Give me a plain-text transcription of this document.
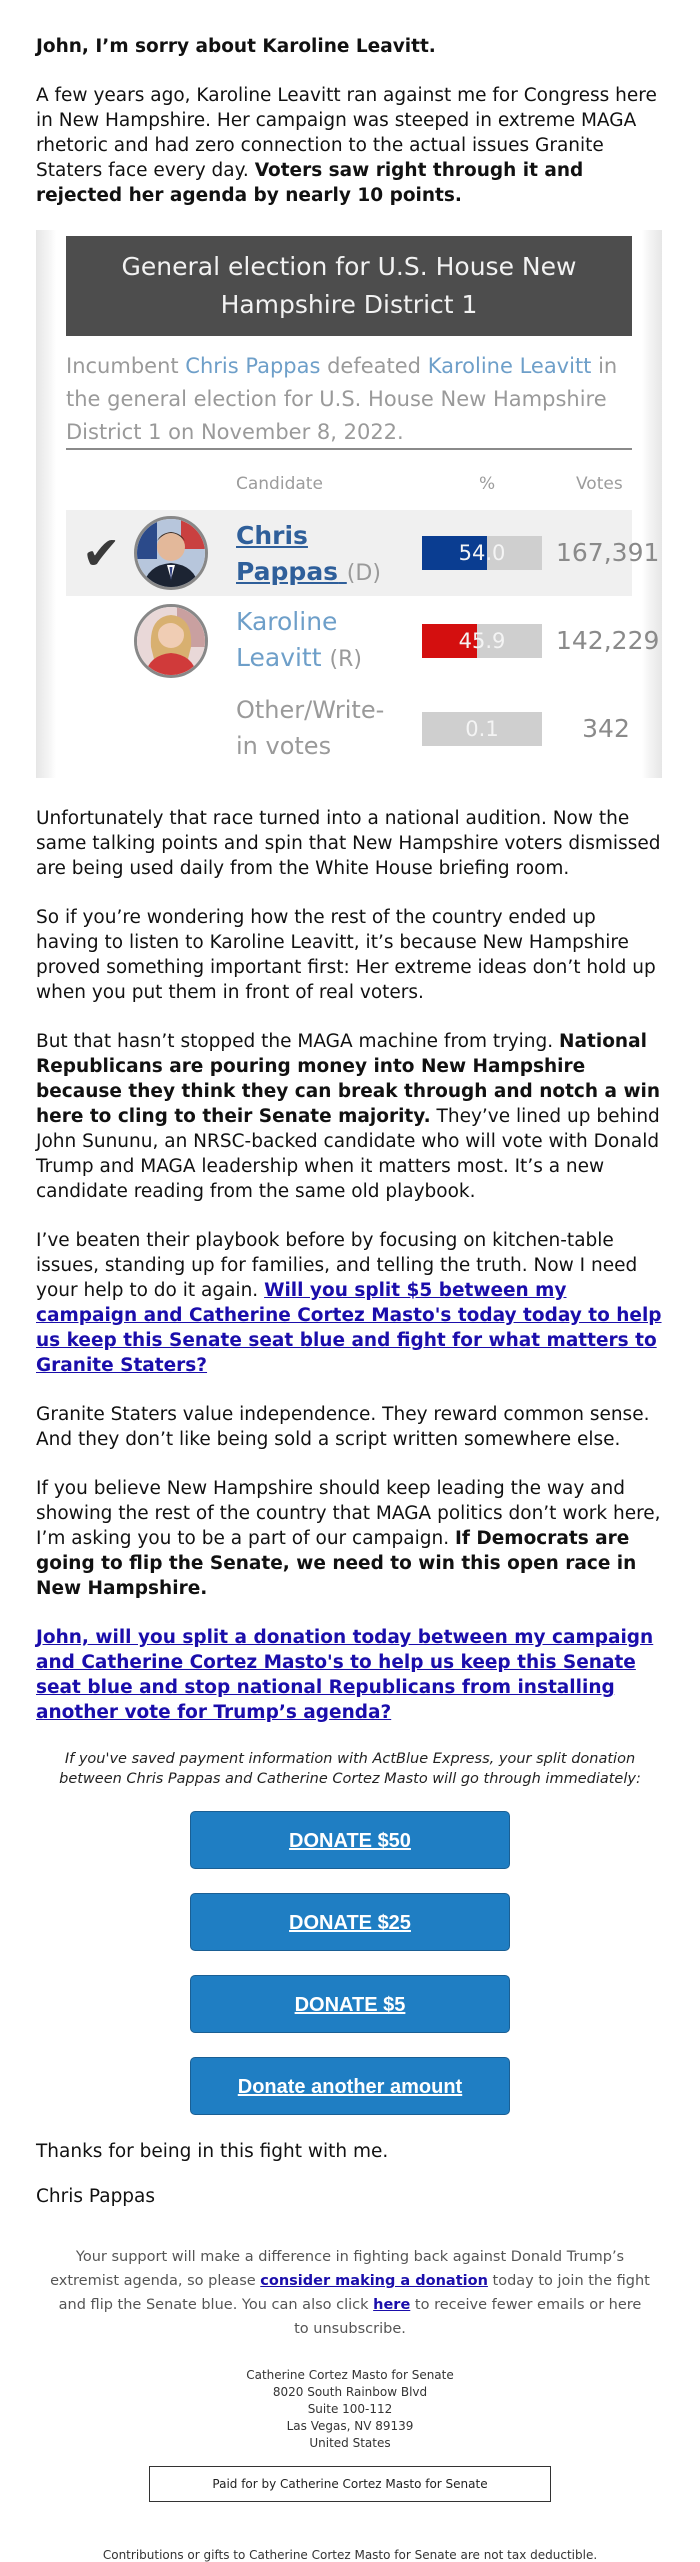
John, I’m sorry about Karoline Leavitt.

A few years ago, Karoline Leavitt ran against me for Congress here in New Hampshire. Her campaign was steeped in extreme MAGA rhetoric and had zero connection to the actual issues Granite Staters face every day. Voters saw right through it and rejected her agenda by nearly 10 points.

General election for U.S. House New Hampshire District 1
Incumbent Chris Pappas defeated Karoline Leavitt in the general election for U.S. House New Hampshire District 1 on November 8, 2022.
Candidate	%	Votes
✔	Chris
Pappas (D)
54.0	167,391
Karoline
Leavitt (R)
45.9	142,229
Other/Write-
in votes
0.1	342

Unfortunately that race turned into a national audition. Now the same talking points and spin that New Hampshire voters dismissed are being used daily from the White House briefing room.

So if you’re wondering how the rest of the country ended up having to listen to Karoline Leavitt, it’s because New Hampshire proved something important first: Her extreme ideas don’t hold up when you put them in front of real voters.

But that hasn’t stopped the MAGA machine from trying. National Republicans are pouring money into New Hampshire because they think they can break through and notch a win here to cling to their Senate majority. They’ve lined up behind John Sununu, an NRSC-backed candidate who will vote with Donald Trump and MAGA leadership when it matters most. It’s a new candidate reading from the same old playbook.

I’ve beaten their playbook before by focusing on kitchen-table issues, standing up for families, and telling the truth. Now I need your help to do it again. Will you split $5 between my campaign and Catherine Cortez Masto's today today to help us keep this Senate seat blue and fight for what matters to Granite Staters?

Granite Staters value independence. They reward common sense. And they don’t like being sold a script written somewhere else.

If you believe New Hampshire should keep leading the way and showing the rest of the country that MAGA politics don’t work here, I’m asking you to be a part of our campaign. If Democrats are going to flip the Senate, we need to win this open race in New Hampshire.

John, will you split a donation today between my campaign and Catherine Cortez Masto's to help us keep this Senate seat blue and stop national Republicans from installing another vote for Trump’s agenda?

If you've saved payment information with ActBlue Express, your split donation between Chris Pappas and Catherine Cortez Masto will go through immediately:
DONATE $50
DONATE $25
DONATE $5
Donate another amount

Thanks for being in this fight with me.

Chris Pappas

Your support will make a difference in fighting back against Donald Trump’s extremist agenda, so please consider making a donation today to join the fight and flip the Senate blue. You can also click here to receive fewer emails or here to unsubscribe.
Catherine Cortez Masto for Senate
8020 South Rainbow Blvd
Suite 100-112
Las Vegas, NV 89139
United States
Paid for by Catherine Cortez Masto for Senate
Contributions or gifts to Catherine Cortez Masto for Senate are not tax deductible.
